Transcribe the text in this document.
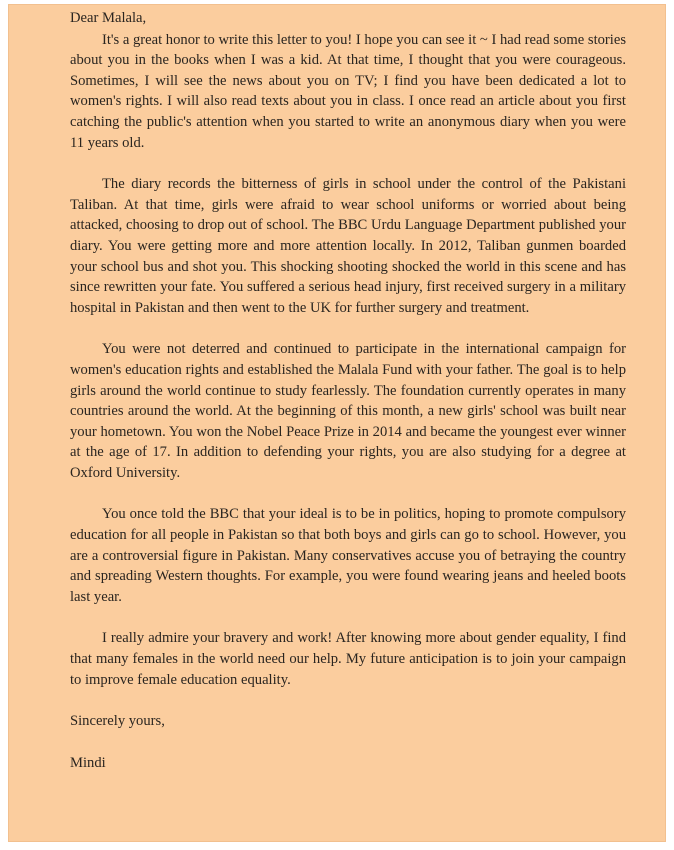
Dear Malala,

It's a great honor to write this letter to you! I hope you can see it ~ I had read some stories about you in the books when I was a kid. At that time, I thought that you were courageous. Sometimes, I will see the news about you on TV; I find you have been dedicated a lot to women's rights. I will also read texts about you in class. I once read an article about you first catching the public's attention when you started to write an anonymous diary when you were 11 years old.

The diary records the bitterness of girls in school under the control of the Pakistani Taliban. At that time, girls were afraid to wear school uniforms or worried about being attacked, choosing to drop out of school. The BBC Urdu Language Department published your diary. You were getting more and more attention locally. In 2012, Taliban gunmen boarded your school bus and shot you. This shocking shooting shocked the world in this scene and has since rewritten your fate. You suffered a serious head injury, first received surgery in a military hospital in Pakistan and then went to the UK for further surgery and treatment.

You were not deterred and continued to participate in the international campaign for women's education rights and established the Malala Fund with your father. The goal is to help girls around the world continue to study fearlessly. The foundation currently operates in many countries around the world. At the beginning of this month, a new girls' school was built near your hometown. You won the Nobel Peace Prize in 2014 and became the youngest ever winner at the age of 17. In addition to defending your rights, you are also studying for a degree at Oxford University.

You once told the BBC that your ideal is to be in politics, hoping to promote compulsory education for all people in Pakistan so that both boys and girls can go to school. However, you are a controversial figure in Pakistan. Many conservatives accuse you of betraying the country and spreading Western thoughts. For example, you were found wearing jeans and heeled boots last year.

I really admire your bravery and work! After knowing more about gender equality, I find that many females in the world need our help. My future anticipation is to join your campaign to improve female education equality.

Sincerely yours,

Mindi
